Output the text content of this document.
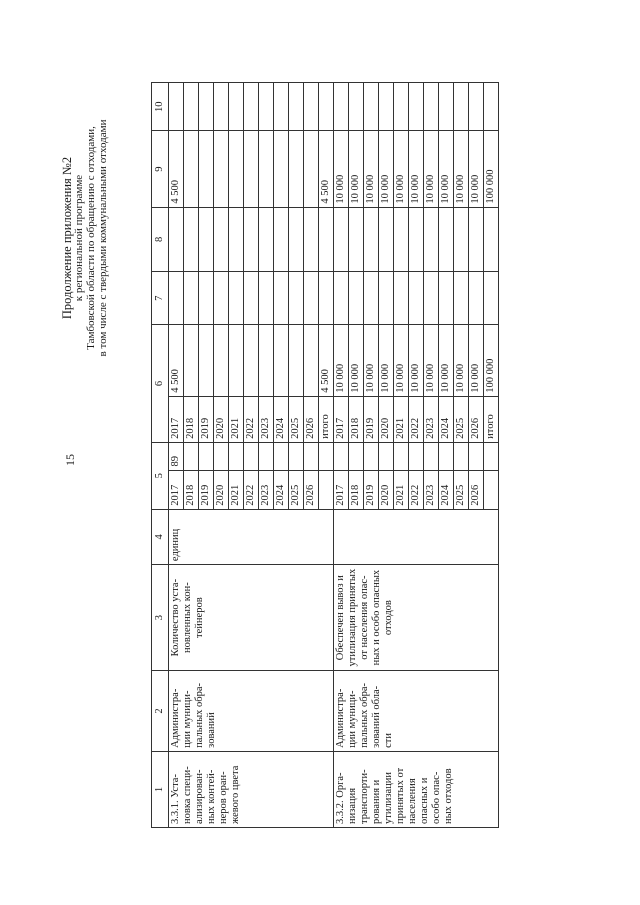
15
Продолжение приложения №2 к региональной программе Тамбовской области по обращению с отходами, в том числе с твердыми коммунальными отходами
1	2	3	4	5		6		7	8	9	10
3.3.1. Уста-новка специ-ализирован-ных контей-неров оран-жевого цвета	Администра-ции муници-пальных обра-зований	Количество уста-новленных кон-тейнеров	единиц	2017	89	2017	4 500			4 500	
				2018		2018					
				2019		2019					
				2020		2020					
				2021		2021					
				2022		2022					
				2023		2023					
				2024		2024					
				2025		2025					
				2026		2026					
						итого	4 500			4 500	
3.3.2. Орга-низация транспорти-рования и утилизации принятых от населения опасных и особо опас-ных отходов	Администра-ции муници-пальных обра-зований обла-сти	Обеспечен вывоз и утилизация принятых от населения опас-ных и особо опасных отходов		2017		2017	10 000			10 000	
				2018		2018	10 000			10 000	
				2019		2019	10 000			10 000	
				2020		2020	10 000			10 000	
				2021		2021	10 000			10 000	
				2022		2022	10 000			10 000	
				2023		2023	10 000			10 000	
				2024		2024	10 000			10 000	
				2025		2025	10 000			10 000	
				2026		2026	10 000			10 000	
						итого	100 000			100 000	
